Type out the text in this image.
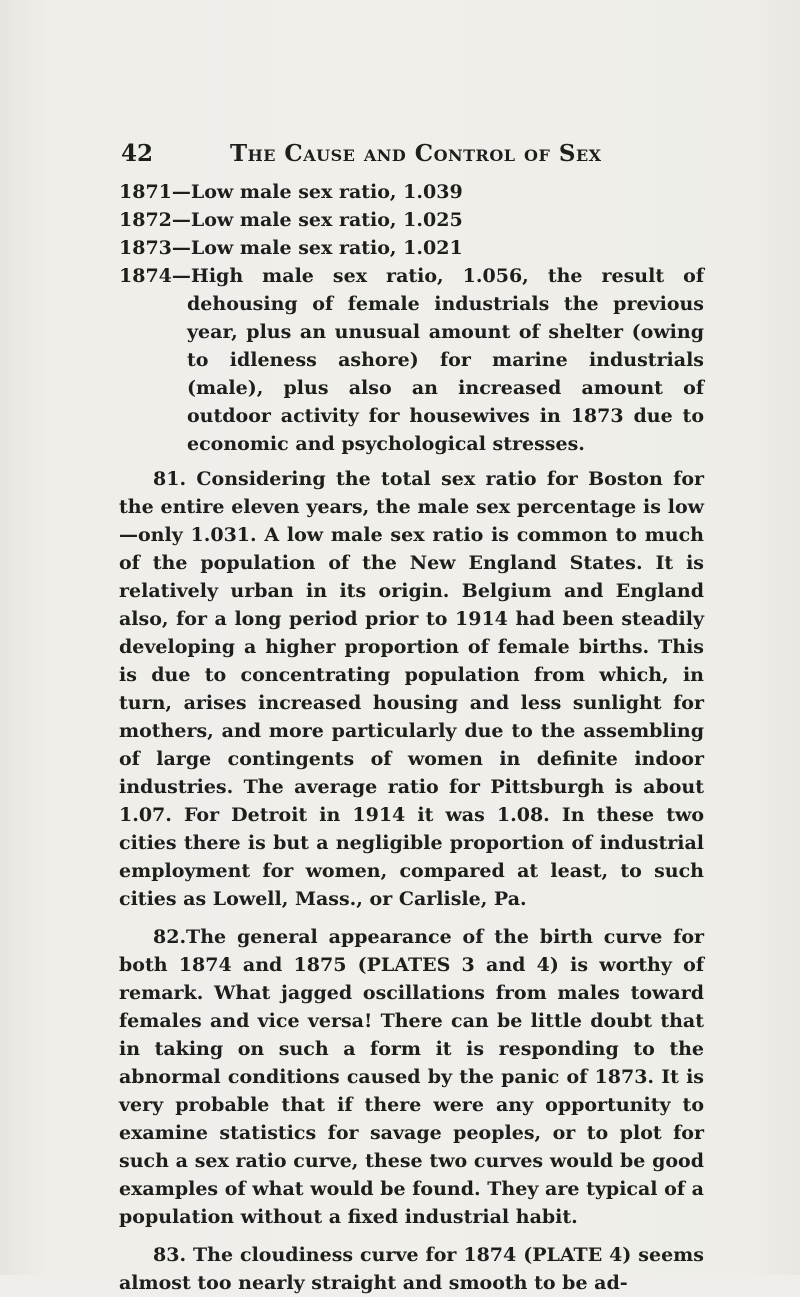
42	The Cause and Control of Sex

1871—Low male sex ratio, 1.039

1872—Low male sex ratio, 1.025

1873—Low male sex ratio, 1.021

1874—High male sex ratio, 1.056, the result of dehousing of female industrials the previous year, plus an unusual amount of shelter (owing to idleness ashore) for marine industrials (male), plus also an increased amount of outdoor activity for housewives in 1873 due to economic and psychological stresses.

81. Considering the total sex ratio for Boston for the entire eleven years, the male sex percentage is low—only 1.031. A low male sex ratio is common to much of the population of the New England States. It is relatively urban in its origin. Belgium and England also, for a long period prior to 1914 had been steadily developing a higher proportion of female births. This is due to concentrating population from which, in turn, arises increased housing and less sunlight for mothers, and more particularly due to the assembling of large contingents of women in definite indoor industries. The average ratio for Pittsburgh is about 1.07. For Detroit in 1914 it was 1.08. In these two cities there is but a negligible proportion of industrial employment for women, compared at least, to such cities as Lowell, Mass., or Carlisle, Pa.

82.The general appearance of the birth curve for both 1874 and 1875 (PLATES 3 and 4) is worthy of remark. What jagged oscillations from males toward females and vice versa! There can be little doubt that in taking on such a form it is responding to the abnormal conditions caused by the panic of 1873. It is very probable that if there were any opportunity to examine statistics for savage peoples, or to plot for such a sex ratio curve, these two curves would be good examples of what would be found. They are typical of a population without a fixed industrial habit.

83. The cloudiness curve for 1874 (PLATE 4) seems almost too nearly straight and smooth to be ad-
